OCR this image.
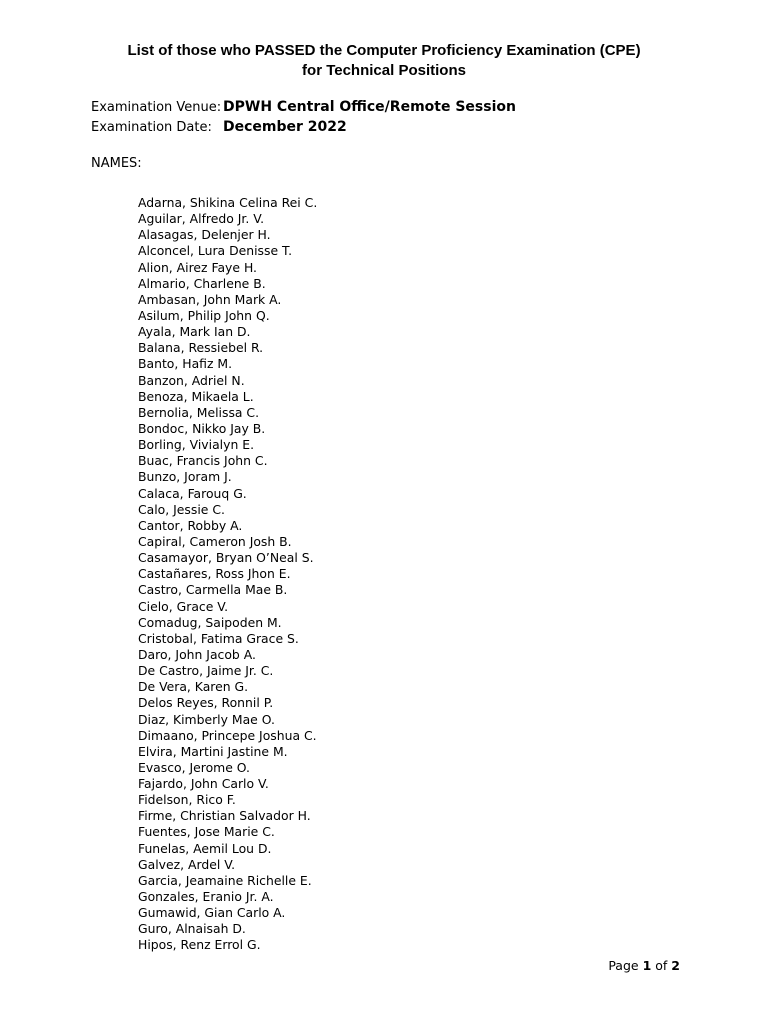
List of those who PASSED the Computer Proficiency Examination (CPE)
for Technical Positions
Examination Venue: DPWH Central Office/Remote Session
Examination Date: December 2022
NAMES:
Adarna, Shikina Celina Rei C.
Aguilar, Alfredo Jr. V.
Alasagas, Delenjer H.
Alconcel, Lura Denisse T.
Alion, Airez Faye H.
Almario, Charlene B.
Ambasan, John Mark A.
Asilum, Philip John Q.
Ayala, Mark Ian D.
Balana, Ressiebel R.
Banto, Hafiz M.
Banzon, Adriel N.
Benoza, Mikaela L.
Bernolia, Melissa C.
Bondoc, Nikko Jay B.
Borling, Vivialyn E.
Buac, Francis John C.
Bunzo, Joram J.
Calaca, Farouq G.
Calo, Jessie C.
Cantor, Robby A.
Capiral, Cameron Josh B.
Casamayor, Bryan O’Neal S.
Castañares, Ross Jhon E.
Castro, Carmella Mae B.
Cielo, Grace V.
Comadug, Saipoden M.
Cristobal, Fatima Grace S.
Daro, John Jacob A.
De Castro, Jaime Jr. C.
De Vera, Karen G.
Delos Reyes, Ronnil P.
Diaz, Kimberly Mae O.
Dimaano, Princepe Joshua C.
Elvira, Martini Jastine M.
Evasco, Jerome O.
Fajardo, John Carlo V.
Fidelson, Rico F.
Firme, Christian Salvador H.
Fuentes, Jose Marie C.
Funelas, Aemil Lou D.
Galvez, Ardel V.
Garcia, Jeamaine Richelle E.
Gonzales, Eranio Jr. A.
Gumawid, Gian Carlo A.
Guro, Alnaisah D.
Hipos, Renz Errol G.
Page 1 of 2
